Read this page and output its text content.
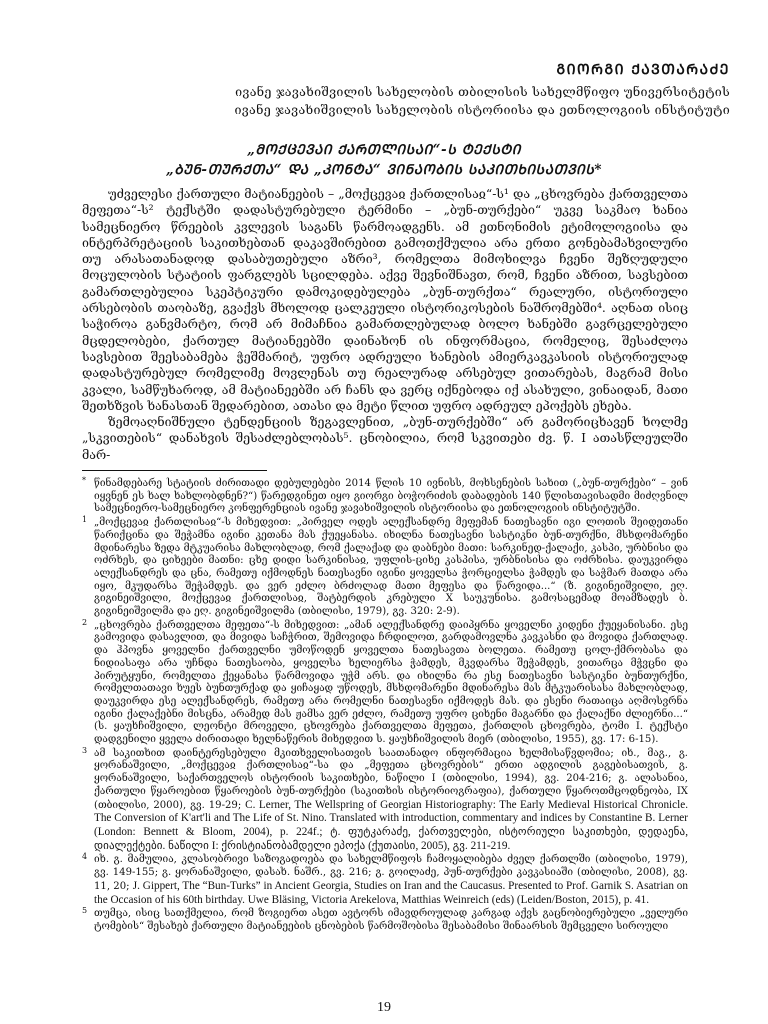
ᲒᲘᲝᲠᲒᲘ ᲥᲐᲕᲗᲐᲠᲐᲫᲔ
ივანე ჯავახიშვილის სახელობის თბილისის სახელმწიფო უნივერსიტეტის
ივანე ჯავახიშვილის სახელობის ისტორიისა და ეთნოლოგიის ინსტიტუტი
„ᲛᲝᲥᲪᲔᲕᲐᲘ ᲥᲐᲠᲗᲚᲘᲡᲐᲘ“-Ს ᲢᲔᲥᲡᲢᲘ
„ᲑᲣᲜ-ᲗᲣᲠᲥᲗᲐ“ ᲓᲐ „ᲙᲝᲜᲢᲐ“ ᲕᲘᲜᲐᲝᲑᲘᲡ ᲡᲐᲙᲘᲗᲮᲘᲡᲐᲗᲕᲘᲡ*

უძველესი ქართული მატიანეების – „მოქცევაჲ ქართლისაჲ“-ს¹ და „ცხოვრება ქართველთა მეფეთა“-ს² ტექსტში დადასტურებული ტერმინი – „ბუნ-თურქები“ უკვე საკმაო ხანია სამეცნიერო წრეების კვლევის საგანს წარმოადგენს. ამ ეთნონიმის ეტიმოლოგიისა და ინტერპრეტაციის საკითხებთან დაკავშირებით გამოთქმულია არა ერთი გონებამახვილური თუ არასათანადოდ დასაბუთებული აზრი³, რომელთა მიმოხილვა ჩვენი შეზღუდული მოცულობის სტატიის ფარგლებს სცილდება. აქვე შევნიშნავთ, რომ, ჩვენი აზრით, სავსებით გამართლებულია სკეპტიკური დამოკიდებულება „ბუნ-თურქთა“ რეალური, ისტორიული არსებობის თაობაზე, გვაქვს მხოლოდ ცალკეული ისტორიკოსების ნაშრომებში⁴. აღნათ ისიც საჭიროა განვმარტო, რომ არ მიმაჩნია გამართლებულად ბოლო ხანებში გავრცელებული მცდელობები, ქართულ მატიანეებში დაინახონ ის ინფორმაცია, რომელიც, შესაძლოა სავსებით შეესაბამება ჭეშმარიტ, უფრო ადრეული ხანების ამიერკავკასიის ისტორიულად დადასტურებულ რომელიმე მოვლენას თუ რეალურად არსებულ ვითარებას, მაგრამ მისი კვალი, სამწუხაროდ, ამ მატიანეებში არ ჩანს და ვერც იქნებოდა იქ ასახული, ვინაიდან, მათი შეთხზვის ხანასთან შედარებით, ათასი და მეტი წლით უფრო ადრეულ ეპოქებს ეხება.

ზემოაღნიშნული ტენდენციის ზეგავლენით, „ბუნ-თურქებში“ არ გამორიცხავენ ხოლმე „სკვითების“ დანახვის შესაძლებლობას⁵. ცნობილია, რომ სკვითები ძვ. წ. I ათასწლეულში მარ-

* წინამდებარე სტატიის ძირითადი დებულებები 2014 წლის 10 ივნისს, მოხსენების სახით („ბუნ-თურქები“ – ვინ იყვნენ ეს ხალ ხახლობდნენ?“) წარედგინეთ იყო გიორგი ბოჭორიძის დაბადების 140 წლისთავისადმი მიძღვნილ სამეცნიერო-სამეცნიერო კონფერენციას ივანე ჯავახიშვილის ისტორიისა და ეთნოლოგიის ინსტიტუტში.
1 „მოქცევაჲ ქართლისაჲ“-ს მიხედვით: „პირველ ოდეს ალექსანდრე მეფემან ნათესავნი იგი ლოთის შეიდეთანი წარიქცინა და შეჭამნა იგინი კეთანა მას ქუეყანასა. იხილნა ნათესავნი სასტიკნი ბუნ-თურქნი, მსხდომარენი მდინარესა ზედა მტკუარისა მახლობლად, რომ ქალაქად და დაბნები მათი: სარკინედ-ქალაქი, კასპი, ურბნისი და ოძრხეს, და ციხეები მათნი: ცხე დიდი სარკინისაჲ, უფლის-ციხე კასპისა, ურბნისისა და ოძრხისა. დაუკვირდა ალექსანდრეს და ცნა, რამეთუ იქმოდნეს ნათესავნი იგინი ყოველსა ჭორციელსა ჭამდეს და საჭმარ მათდა არა იყო, მკუდარსა შეჭამდეს. და ვერ ეძლო ბრძოლად მათი მეფესა და წარვიდა...“ (ზ. გიგინეიშვილი, ეღ. გიგინეიშვილი, მოქცევაჲ ქართლისაჲ, შატბერდის კრებული X საუკუნისა. გამოსაცემად მოამზადეს ბ. გიგინეიშვილმა და ეღ. გიგინეიშვილმა (თბილისი, 1979), გვ. 320: 2-9).
2 „ცხოვრება ქართველთა მეფეთა“-ს მიხედვით: „ამან ალექსანდრე დაიპყრნა ყოველნი კიდენი ქუეყანისანი. ესე გამოვიდა დასავლით, და მივიდა საჩჭრით, შემოვიდა ჩრდილოთ, გარდამოვლნა კავკასნი და მოვიდა ქართლად. და ჰპოვნა ყოველნი ქართველნი უმოწოდენ ყოველთა ნათესავთა ბოლეთა. რამეთუ ცოლ-ქმრობასა და ნიდიასაფა არა უჩნდა ნათესაობა, ყოველსა ხელიერსა ჭამდეს, მკვდარსა შეჭამდეს, ვითარცა მჭვცნი და პირუტყუნი, რომელთა ქეყანასა წარმოვიდა უჭმ არს. და იხილნა რა ესე ნათესავნი სასტიკნი ბუნთურქნი, რომელთათავი ხუეს ბუნთურქად და ყიჩაყად უწოდეს, მსხდომარენი მდინარესა მას მტკუარისასა მახლობლად, დაუკვირდა ესე ალექსანდრეს, რამეთუ არა რომელნი ნათესავნი იქმოდეს მას. და ესენი რათაიცა აღმოსვრნა იგინი ქალაქებნი მისცნა, არამედ მას ჟამსა ვერ ეძლო, რამეთუ უფრო ციხენი მაგარნი და ქალაქნი ძლიერნი...“ (ს. ყაუხჩიშვილი, ლეონტი მროველი, ცხოვრება ქართველთა მეფეთა, ქართლის ცხოვრება, ტომი I. ტექსტი დადგენილი ყველა ძირითადი ხელნაწერის მიხედვით ს. ყაუხჩიშვილის მიერ (თბილისი, 1955), გვ. 17: 6-15).
3 ამ საკითხით დაინტერესებული მკითხველისათვის საათანადო ინფორმაცია ხელმისაწვდომია; იხ., მაგ., გ. ყორანაშვილი, „მოქცევაჲ ქართლისაჲ“-სა და „მეფეთა ცხოვრების“ ერთი ადგილის გაგებისათვის, გ. ყორანაშვილი, საქართველოს ისტორიის საკითხები, ნაწილი I (თბილისი, 1994), გვ. 204-216; გ. ალასანია, ქართული წყაროებით წყაროების ბუნ-თურქები (საკითხის ისტორიოგრაფია), ქართული წყაროთმცოდნეობა, IX (თბილისი, 2000), გვ. 19-29; C. Lerner, The Wellspring of Georgian Historiography: The Early Medieval Historical Chronicle. The Conversion of K'art'li and The Life of St. Nino. Translated with introduction, commentary and indices by Constantine B. Lerner (London: Bennett & Bloom, 2004), p. 224f.; ტ. ფუტკარაძე, ქართველები, ისტორიული საკითხები, დედაენა, დიალექტები. ნაწილი I: ქრისტიანობამდელი ეპოქა (ქუთაისი, 2005), გვ. 211-219.
4 იხ. გ. მამულია, კლასობრივი საზოგადოება და სახელმწიფოს ჩამოყალიბება ძველ ქართლში (თბილისი, 1979), გვ. 149-155; გ. ყორანაშვილი, დასახ. ნაშრ., გვ. 216; გ. გოილაძე, პუნ-თურქები კავკასიაში (თბილისი, 2008), გვ. 11, 20; J. Gippert, The “Bun-Turks” in Ancient Georgia, Studies on Iran and the Caucasus. Presented to Prof. Garnik S. Asatrian on the Occasion of his 60th birthday. Uwe Bläsing, Victoria Arekelova, Matthias Weinreich (eds) (Leiden/Boston, 2015), p. 41.
5 თუმცა, ისიც სათქმელია, რომ ზოგიერთ ასეთ ავტორს იმავდროულად კარგად აქვს გაცნობიერებული „ველური ტომების“ შესახებ ქართული მატიანეების ცნობების წარმოშობისა შესაბამისი შინაარსის შემცველი სიროული
19
